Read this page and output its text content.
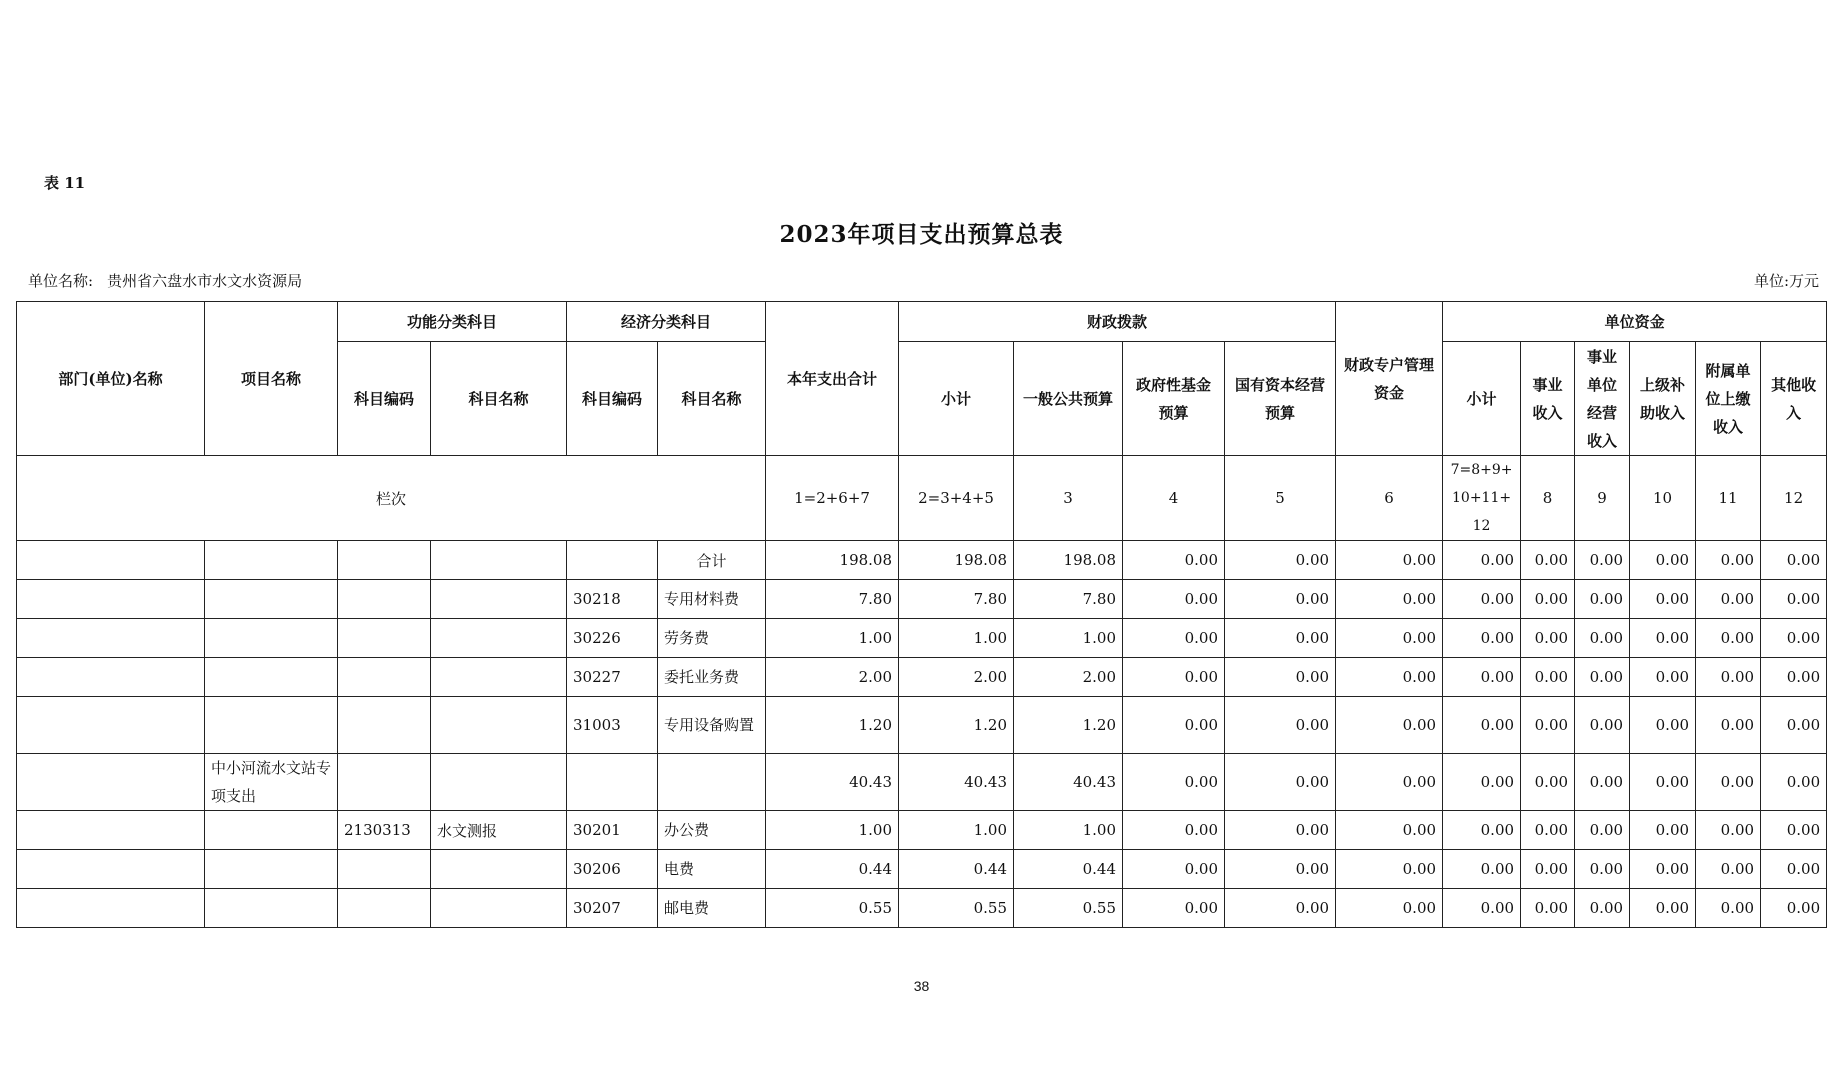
表 11
2023年项目支出预算总表
单位名称: 贵州省六盘水市水文水资源局	单位:万元
部门(单位)名称	项目名称	功能分类科目		经济分类科目		本年支出合计	财政拨款				财政专户管理资金	单位资金					
		科目编码	科目名称	科目编码	科目名称		小计	一般公共预算	政府性基金预算	国有资本经营预算		小计	事业收入	事业单位经营收入	上级补助收入	附属单位上缴收入	其他收入
栏次						1=2+6+7	2=3+4+5	3	4	5	6	7=8+9+10+11+12	8	9	10	11	12
					合计	198.08	198.08	198.08	0.00	0.00	0.00	0.00	0.00	0.00	0.00	0.00	0.00
				30218	专用材料费	7.80	7.80	7.80	0.00	0.00	0.00	0.00	0.00	0.00	0.00	0.00	0.00
				30226	劳务费	1.00	1.00	1.00	0.00	0.00	0.00	0.00	0.00	0.00	0.00	0.00	0.00
				30227	委托业务费	2.00	2.00	2.00	0.00	0.00	0.00	0.00	0.00	0.00	0.00	0.00	0.00
				31003	专用设备购置	1.20	1.20	1.20	0.00	0.00	0.00	0.00	0.00	0.00	0.00	0.00	0.00
	中小河流水文站专项支出					40.43	40.43	40.43	0.00	0.00	0.00	0.00	0.00	0.00	0.00	0.00	0.00
		2130313	水文测报	30201	办公费	1.00	1.00	1.00	0.00	0.00	0.00	0.00	0.00	0.00	0.00	0.00	0.00
				30206	电费	0.44	0.44	0.44	0.00	0.00	0.00	0.00	0.00	0.00	0.00	0.00	0.00
				30207	邮电费	0.55	0.55	0.55	0.00	0.00	0.00	0.00	0.00	0.00	0.00	0.00	0.00
38
